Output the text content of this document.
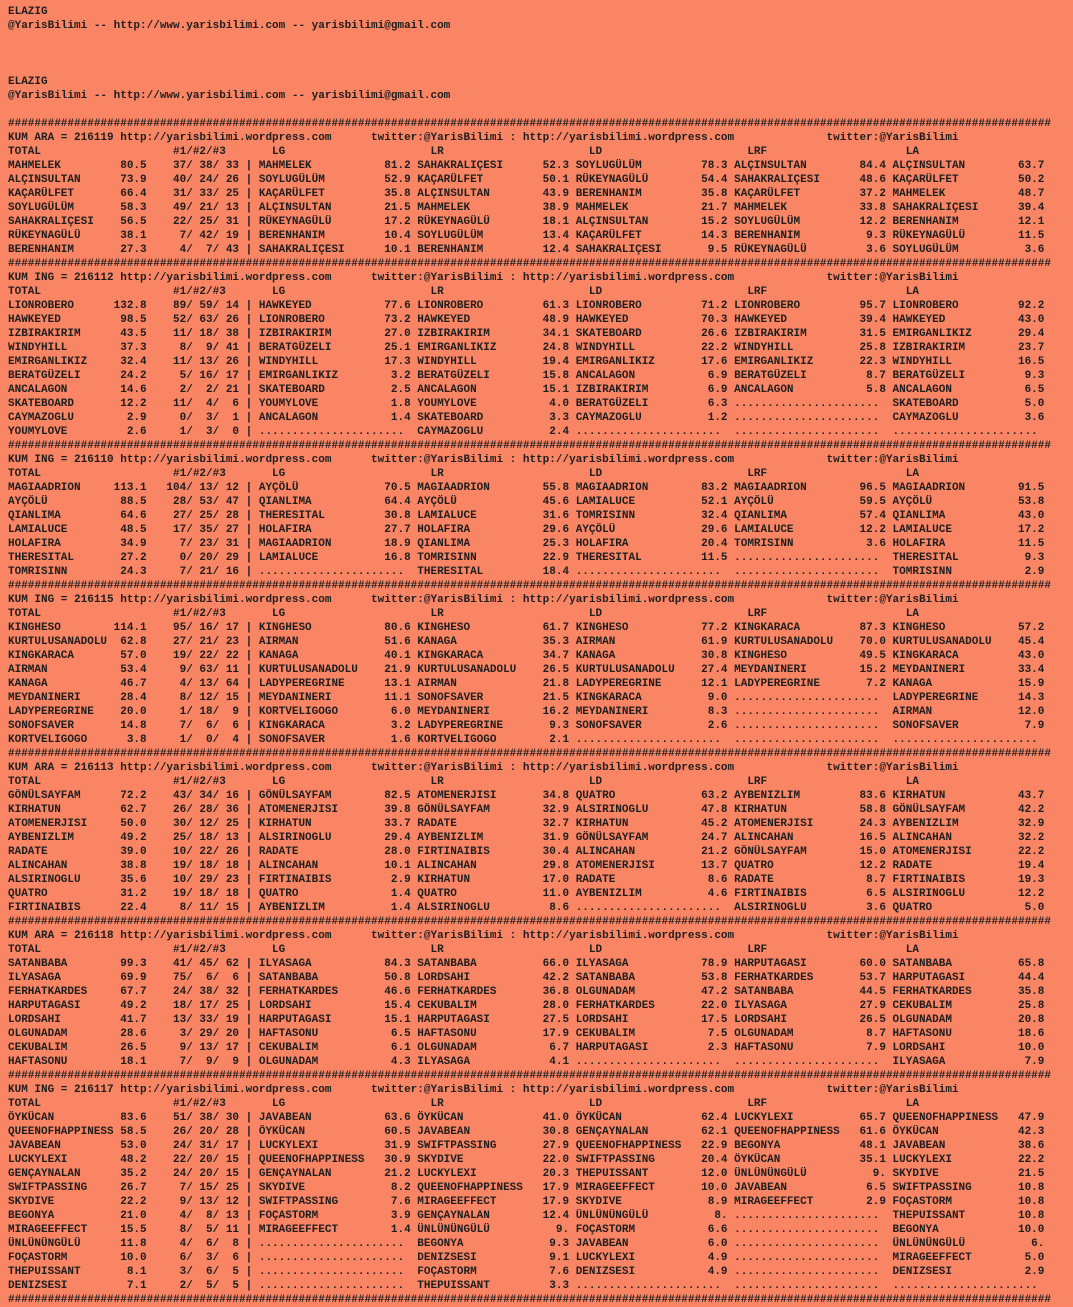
ELAZIG
@YarisBilimi -- http://www.yarisbilimi.com -- yarisbilimi@gmail.com
ELAZIG
@YarisBilimi -- http://www.yarisbilimi.com -- yarisbilimi@gmail.com
##############################################################################################################################################################
KUM ARA = 216119 http://yarisbilimi.wordpress.com      twitter:@YarisBilimi : http://yarisbilimi.wordpress.com              twitter:@YarisBilimi
TOTAL                    #1/#2/#3       LG                      LR                      LD                      LRF                     LA
MAHMELEK         80.5    37/ 38/ 33 | MAHMELEK           81.2 SAHAKRALIÇESI      52.3 SOYLUGÜLÜM         78.3 ALÇINSULTAN        84.4 ALÇINSULTAN        63.7
ALÇINSULTAN      73.9    40/ 24/ 26 | SOYLUGÜLÜM         52.9 KAÇARÜLFET         50.1 RÜKEYNAGÜLÜ        54.4 SAHAKRALIÇESI      48.6 KAÇARÜLFET         50.2
KAÇARÜLFET       66.4    31/ 33/ 25 | KAÇARÜLFET         35.8 ALÇINSULTAN        43.9 BERENHANIM         35.8 KAÇARÜLFET         37.2 MAHMELEK           48.7
SOYLUGÜLÜM       58.3    49/ 21/ 13 | ALÇINSULTAN        21.5 MAHMELEK           38.9 MAHMELEK           21.7 MAHMELEK           33.8 SAHAKRALIÇESI      39.4
SAHAKRALIÇESI    56.5    22/ 25/ 31 | RÜKEYNAGÜLÜ        17.2 RÜKEYNAGÜLÜ        18.1 ALÇINSULTAN        15.2 SOYLUGÜLÜM         12.2 BERENHANIM         12.1
RÜKEYNAGÜLÜ      38.1     7/ 42/ 19 | BERENHANIM         10.4 SOYLUGÜLÜM         13.4 KAÇARÜLFET         14.3 BERENHANIM          9.3 RÜKEYNAGÜLÜ        11.5
BERENHANIM       27.3     4/  7/ 43 | SAHAKRALIÇESI      10.1 BERENHANIM         12.4 SAHAKRALIÇESI       9.5 RÜKEYNAGÜLÜ         3.6 SOYLUGÜLÜM          3.6
##############################################################################################################################################################
KUM ING = 216112 http://yarisbilimi.wordpress.com      twitter:@YarisBilimi : http://yarisbilimi.wordpress.com              twitter:@YarisBilimi
TOTAL                    #1/#2/#3       LG                      LR                      LD                      LRF                     LA
LIONROBERO      132.8    89/ 59/ 14 | HAWKEYED           77.6 LIONROBERO         61.3 LIONROBERO         71.2 LIONROBERO         95.7 LIONROBERO         92.2
HAWKEYED         98.5    52/ 63/ 26 | LIONROBERO         73.2 HAWKEYED           48.9 HAWKEYED           70.3 HAWKEYED           39.4 HAWKEYED           43.0
IZBIRAKIRIM      43.5    11/ 18/ 38 | IZBIRAKIRIM        27.0 IZBIRAKIRIM        34.1 SKATEBOARD         26.6 IZBIRAKIRIM        31.5 EMIRGANLIKIZ       29.4
WINDYHILL        37.3     8/  9/ 41 | BERATGÜZELI        25.1 EMIRGANLIKIZ       24.8 WINDYHILL          22.2 WINDYHILL          25.8 IZBIRAKIRIM        23.7
EMIRGANLIKIZ     32.4    11/ 13/ 26 | WINDYHILL          17.3 WINDYHILL          19.4 EMIRGANLIKIZ       17.6 EMIRGANLIKIZ       22.3 WINDYHILL          16.5
BERATGÜZELI      24.2     5/ 16/ 17 | EMIRGANLIKIZ        3.2 BERATGÜZELI        15.8 ANCALAGON           6.9 BERATGÜZELI         8.7 BERATGÜZELI         9.3
ANCALAGON        14.6     2/  2/ 21 | SKATEBOARD          2.5 ANCALAGON          15.1 IZBIRAKIRIM         6.9 ANCALAGON           5.8 ANCALAGON           6.5
SKATEBOARD       12.2    11/  4/  6 | YOUMYLOVE           1.8 YOUMYLOVE           4.0 BERATGÜZELI         6.3 ......................  SKATEBOARD          5.0
CAYMAZOGLU        2.9     0/  3/  1 | ANCALAGON           1.4 SKATEBOARD          3.3 CAYMAZOGLU          1.2 ......................  CAYMAZOGLU          3.6
YOUMYLOVE         2.6     1/  3/  0 | ......................  CAYMAZOGLU          2.4 ......................  ......................  ......................
##############################################################################################################################################################
KUM ING = 216110 http://yarisbilimi.wordpress.com      twitter:@YarisBilimi : http://yarisbilimi.wordpress.com              twitter:@YarisBilimi
TOTAL                    #1/#2/#3       LG                      LR                      LD                      LRF                     LA
MAGIAADRION     113.1   104/ 13/ 12 | AYÇÖLÜ             70.5 MAGIAADRION        55.8 MAGIAADRION        83.2 MAGIAADRION        96.5 MAGIAADRION        91.5
AYÇÖLÜ           88.5    28/ 53/ 47 | QIANLIMA           64.4 AYÇÖLÜ             45.6 LAMIALUCE          52.1 AYÇÖLÜ             59.5 AYÇÖLÜ             53.8
QIANLIMA         64.6    27/ 25/ 28 | THERESITAL         30.8 LAMIALUCE          31.6 TOMRISINN          32.4 QIANLIMA           57.4 QIANLIMA           43.0
LAMIALUCE        48.5    17/ 35/ 27 | HOLAFIRA           27.7 HOLAFIRA           29.6 AYÇÖLÜ             29.6 LAMIALUCE          12.2 LAMIALUCE          17.2
HOLAFIRA         34.9     7/ 23/ 31 | MAGIAADRION        18.9 QIANLIMA           25.3 HOLAFIRA           20.4 TOMRISINN           3.6 HOLAFIRA           11.5
THERESITAL       27.2     0/ 20/ 29 | LAMIALUCE          16.8 TOMRISINN          22.9 THERESITAL         11.5 ......................  THERESITAL          9.3
TOMRISINN        24.3     7/ 21/ 16 | ......................  THERESITAL         18.4 ......................  ......................  TOMRISINN           2.9
##############################################################################################################################################################
KUM ING = 216115 http://yarisbilimi.wordpress.com      twitter:@YarisBilimi : http://yarisbilimi.wordpress.com              twitter:@YarisBilimi
TOTAL                    #1/#2/#3       LG                      LR                      LD                      LRF                     LA
KINGHESO        114.1    95/ 16/ 17 | KINGHESO           80.6 KINGHESO           61.7 KINGHESO           77.2 KINGKARACA         87.3 KINGHESO           57.2
KURTULUSANADOLU  62.8    27/ 21/ 23 | AIRMAN             51.6 KANAGA             35.3 AIRMAN             61.9 KURTULUSANADOLU    70.0 KURTULUSANADOLU    45.4
KINGKARACA       57.0    19/ 22/ 22 | KANAGA             40.1 KINGKARACA         34.7 KANAGA             30.8 KINGHESO           49.5 KINGKARACA         43.0
AIRMAN           53.4     9/ 63/ 11 | KURTULUSANADOLU    21.9 KURTULUSANADOLU    26.5 KURTULUSANADOLU    27.4 MEYDANINERI        15.2 MEYDANINERI        33.4
KANAGA           46.7     4/ 13/ 64 | LADYPEREGRINE      13.1 AIRMAN             21.8 LADYPEREGRINE      12.1 LADYPEREGRINE       7.2 KANAGA             15.9
MEYDANINERI      28.4     8/ 12/ 15 | MEYDANINERI        11.1 SONOFSAVER         21.5 KINGKARACA          9.0 ......................  LADYPEREGRINE      14.3
LADYPEREGRINE    20.0     1/ 18/  9 | KORTVELIGOGO        6.0 MEYDANINERI        16.2 MEYDANINERI         8.3 ......................  AIRMAN             12.0
SONOFSAVER       14.8     7/  6/  6 | KINGKARACA          3.2 LADYPEREGRINE       9.3 SONOFSAVER          2.6 ......................  SONOFSAVER          7.9
KORTVELIGOGO      3.8     1/  0/  4 | SONOFSAVER          1.6 KORTVELIGOGO        2.1 ......................  ......................  ......................
##############################################################################################################################################################
KUM ARA = 216113 http://yarisbilimi.wordpress.com      twitter:@YarisBilimi : http://yarisbilimi.wordpress.com              twitter:@YarisBilimi
TOTAL                    #1/#2/#3       LG                      LR                      LD                      LRF                     LA
GÖNÜLSAYFAM      72.2    43/ 34/ 16 | GÖNÜLSAYFAM        82.5 ATOMENERJISI       34.8 QUATRO             63.2 AYBENIZLIM         83.6 KIRHATUN           43.7
KIRHATUN         62.7    26/ 28/ 36 | ATOMENERJISI       39.8 GÖNÜLSAYFAM        32.9 ALSIRINOGLU        47.8 KIRHATUN           58.8 GÖNÜLSAYFAM        42.2
ATOMENERJISI     50.0    30/ 12/ 25 | KIRHATUN           33.7 RADATE             32.7 KIRHATUN           45.2 ATOMENERJISI       24.3 AYBENIZLIM         32.9
AYBENIZLIM       49.2    25/ 18/ 13 | ALSIRINOGLU        29.4 AYBENIZLIM         31.9 GÖNÜLSAYFAM        24.7 ALINCAHAN          16.5 ALINCAHAN          32.2
RADATE           39.0    10/ 22/ 26 | RADATE             28.0 FIRTINAIBIS        30.4 ALINCAHAN          21.2 GÖNÜLSAYFAM        15.0 ATOMENERJISI       22.2
ALINCAHAN        38.8    19/ 18/ 18 | ALINCAHAN          10.1 ALINCAHAN          29.8 ATOMENERJISI       13.7 QUATRO             12.2 RADATE             19.4
ALSIRINOGLU      35.6    10/ 29/ 23 | FIRTINAIBIS         2.9 KIRHATUN           17.0 RADATE              8.6 RADATE              8.7 FIRTINAIBIS        19.3
QUATRO           31.2    19/ 18/ 18 | QUATRO              1.4 QUATRO             11.0 AYBENIZLIM          4.6 FIRTINAIBIS         6.5 ALSIRINOGLU        12.2
FIRTINAIBIS      22.4     8/ 11/ 15 | AYBENIZLIM          1.4 ALSIRINOGLU         8.6 ......................  ALSIRINOGLU         3.6 QUATRO              5.0
##############################################################################################################################################################
KUM ARA = 216118 http://yarisbilimi.wordpress.com      twitter:@YarisBilimi : http://yarisbilimi.wordpress.com              twitter:@YarisBilimi
TOTAL                    #1/#2/#3       LG                      LR                      LD                      LRF                     LA
SATANBABA        99.3    41/ 45/ 62 | ILYASAGA           84.3 SATANBABA          66.0 ILYASAGA           78.9 HARPUTAGASI        60.0 SATANBABA          65.8
ILYASAGA         69.9    75/  6/  6 | SATANBABA          50.8 LORDSAHI           42.2 SATANBABA          53.8 FERHATKARDES       53.7 HARPUTAGASI        44.4
FERHATKARDES     67.7    24/ 38/ 32 | FERHATKARDES       46.6 FERHATKARDES       36.8 OLGUNADAM          47.2 SATANBABA          44.5 FERHATKARDES       35.8
HARPUTAGASI      49.2    18/ 17/ 25 | LORDSAHI           15.4 CEKUBALIM          28.0 FERHATKARDES       22.0 ILYASAGA           27.9 CEKUBALIM          25.8
LORDSAHI         41.7    13/ 33/ 19 | HARPUTAGASI        15.1 HARPUTAGASI        27.5 LORDSAHI           17.5 LORDSAHI           26.5 OLGUNADAM          20.8
OLGUNADAM        28.6     3/ 29/ 20 | HAFTASONU           6.5 HAFTASONU          17.9 CEKUBALIM           7.5 OLGUNADAM           8.7 HAFTASONU          18.6
CEKUBALIM        26.5     9/ 13/ 17 | CEKUBALIM           6.1 OLGUNADAM           6.7 HARPUTAGASI         2.3 HAFTASONU           7.9 LORDSAHI           10.0
HAFTASONU        18.1     7/  9/  9 | OLGUNADAM           4.3 ILYASAGA            4.1 ......................  ......................  ILYASAGA            7.9
##############################################################################################################################################################
KUM ING = 216117 http://yarisbilimi.wordpress.com      twitter:@YarisBilimi : http://yarisbilimi.wordpress.com              twitter:@YarisBilimi
TOTAL                    #1/#2/#3       LG                      LR                      LD                      LRF                     LA
ÖYKÜCAN          83.6    51/ 38/ 30 | JAVABEAN           63.6 ÖYKÜCAN            41.0 ÖYKÜCAN            62.4 LUCKYLEXI          65.7 QUEENOFHAPPINESS   47.9
QUEENOFHAPPINESS 58.5    26/ 20/ 28 | ÖYKÜCAN            60.5 JAVABEAN           30.8 GENÇAYNALAN        62.1 QUEENOFHAPPINESS   61.6 ÖYKÜCAN            42.3
JAVABEAN         53.0    24/ 31/ 17 | LUCKYLEXI          31.9 SWIFTPASSING       27.9 QUEENOFHAPPINESS   22.9 BEGONYA            48.1 JAVABEAN           38.6
LUCKYLEXI        48.2    22/ 20/ 15 | QUEENOFHAPPINESS   30.9 SKYDIVE            22.0 SWIFTPASSING       20.4 ÖYKÜCAN            35.1 LUCKYLEXI          22.2
GENÇAYNALAN      35.2    24/ 20/ 15 | GENÇAYNALAN        21.2 LUCKYLEXI          20.3 THEPUISSANT        12.0 ÜNLÜNÜNGÜLÜ          9. SKYDIVE            21.5
SWIFTPASSING     26.7     7/ 15/ 25 | SKYDIVE             8.2 QUEENOFHAPPINESS   17.9 MIRAGEEFFECT       10.0 JAVABEAN            6.5 SWIFTPASSING       10.8
SKYDIVE          22.2     9/ 13/ 12 | SWIFTPASSING        7.6 MIRAGEEFFECT       17.9 SKYDIVE             8.9 MIRAGEEFFECT        2.9 FOÇASTORM          10.8
BEGONYA          21.0     4/  8/ 13 | FOÇASTORM           3.9 GENÇAYNALAN        12.4 ÜNLÜNÜNGÜLÜ          8. ......................  THEPUISSANT        10.8
MIRAGEEFFECT     15.5     8/  5/ 11 | MIRAGEEFFECT        1.4 ÜNLÜNÜNGÜLÜ          9. FOÇASTORM           6.6 ......................  BEGONYA            10.0
ÜNLÜNÜNGÜLÜ      11.8     4/  6/  8 | ......................  BEGONYA             9.3 JAVABEAN            6.0 ......................  ÜNLÜNÜNGÜLÜ          6.
FOÇASTORM        10.0     6/  3/  6 | ......................  DENIZSESI           9.1 LUCKYLEXI           4.9 ......................  MIRAGEEFFECT        5.0
THEPUISSANT       8.1     3/  6/  5 | ......................  FOÇASTORM           7.6 DENIZSESI           4.9 ......................  DENIZSESI           2.9
DENIZSESI         7.1     2/  5/  5 | ......................  THEPUISSANT         3.3 ......................  ......................  ......................
##############################################################################################################################################################
